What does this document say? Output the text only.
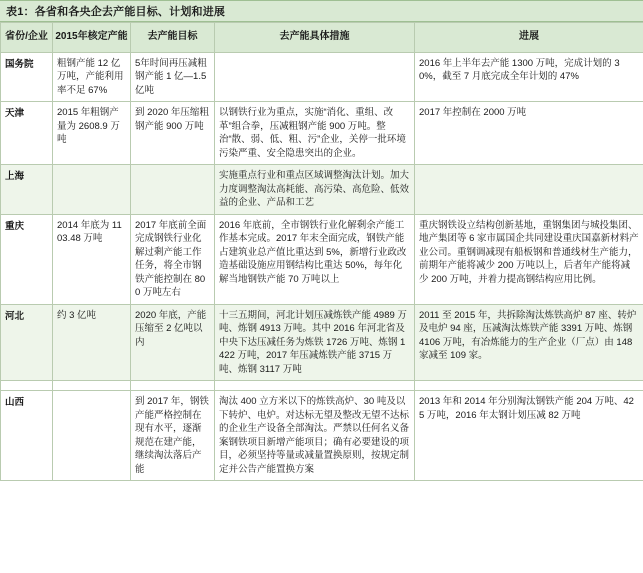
表1：各省和各央企去产能目标、计划和进展
省份/企业	2015年核定产能	去产能目标	去产能具体措施	进展
国务院	粗钢产能 12 亿万吨，产能利用率不足 67%	5年时间再压减粗钢产能 1 亿—1.5 亿吨		2016 年上半年去产能 1300 万吨，完成计划的 30%，截至 7 月底完成全年计划的 47%
天津	2015 年粗钢产量为 2608.9 万吨	到 2020 年压缩粗钢产能 900 万吨	以钢铁行业为重点，实施“消化、重组、改革”组合拳，压减粗钢产能 900 万吨。整治“散、弱、低、粗、污”企业，关停一批环境污染严重、安全隐患突出的企业。	2017 年控制在 2000 万吨
上海			实施重点行业和重点区域调整淘汰计划。加大力度调整淘汰高耗能、高污染、高危险、低效益的企业、产品和工艺	
重庆	2014 年底为 1103.48 万吨	2017 年底前全面完成钢铁行业化解过剩产能工作任务，将全市钢铁产能控制在 800 万吨左右	2016 年底前，全市钢铁行业化解剩余产能工作基本完成。2017 年末全面完成，钢铁产能占建筑业总产值比重达到 5%，新增行业政改造基础设施应用钢结构比重达 50%，每年化解当地钢铁产能 70 万吨以上	重庆钢铁设立结构创新基地，重钢集团与城投集团、地产集团等 6 家市属国企共同建设重庆国嘉新材料产业公司。重钢调减现有船板钢和普通线材生产能力，前期年产能将减少 200 万吨以上，后者年产能将减少 200 万吨，并着力提高钢结构应用比例。
河北	约 3 亿吨	2020 年底，产能压缩至 2 亿吨以内	十三五期间，河北计划压减炼铁产能 4989 万吨、炼钢 4913 万吨。其中 2016 年河北省及中央下达压减任务为炼铁 1726 万吨、炼钢 1422 万吨，2017 年压减炼铁产能 3715 万吨、炼钢 3117 万吨	2011 至 2015 年，共拆除淘汰炼铁高炉 87 座、转炉及电炉 94 座，压减淘汰炼铁产能 3391 万吨、炼钢 4106 万吨，有冶炼能力的生产企业（厂点）由 148 家减至 109 家。

山西		到 2017 年，钢铁产能严格控制在现有水平，逐渐规范在建产能，继续淘汰落后产能	淘汰 400 立方米以下的炼铁高炉、30 吨及以下转炉、电炉。对达标无望及整改无望不达标的企业生产设备全部淘汰。严禁以任何名义备案钢铁项目新增产能项目；确有必要建设的项目，必须坚持等量或减量置换原则，按规定制定并公告产能置换方案	2013 年和 2014 年分别淘汰钢铁产能 204 万吨、425 万吨，2016 年太钢计划压减 82 万吨
